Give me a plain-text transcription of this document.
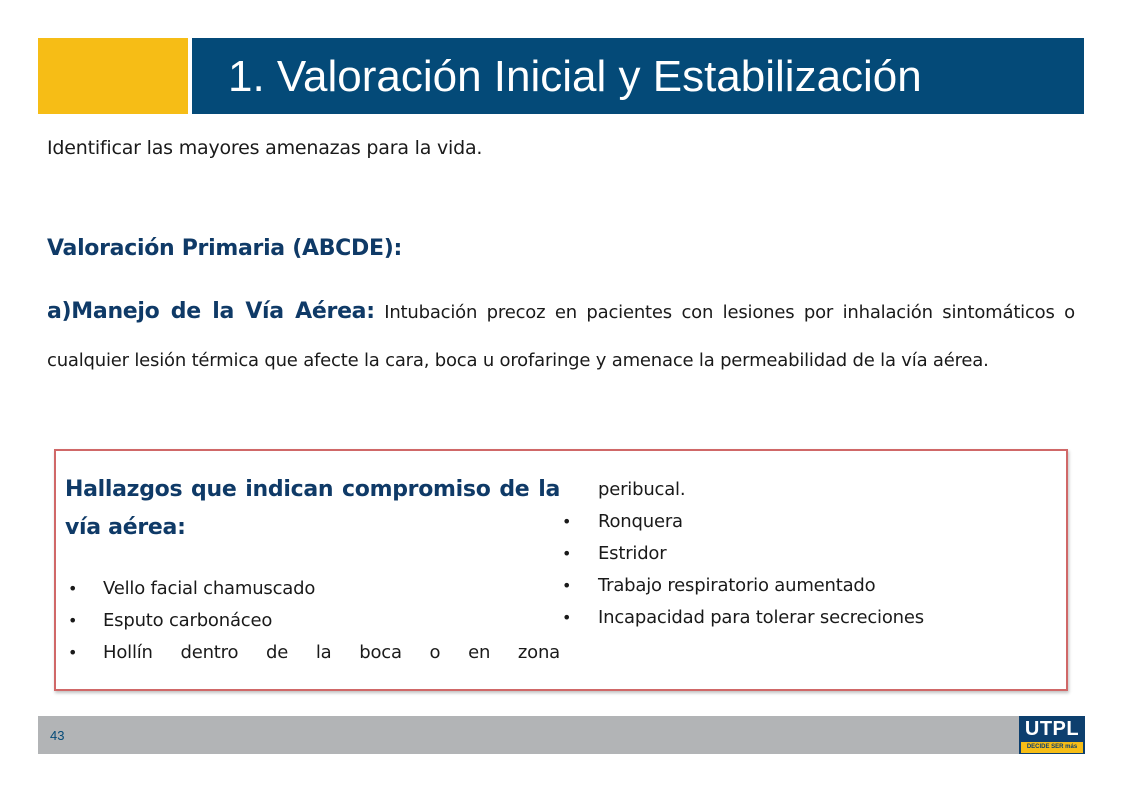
1. Valoración Inicial y Estabilización
Identificar las mayores amenazas para la vida.
Valoración Primaria (ABCDE):
a)Manejo de la Vía Aérea: Intubación precoz en pacientes con lesiones por inhalación sintomáticos o cualquier lesión térmica que afecte la cara, boca u orofaringe y amenace la permeabilidad de la vía aérea.
Hallazgos que indican compromiso de la vía aérea:
• Vello facial chamuscado
• Esputo carbonáceo
• Hollín dentro de la boca o en zona
peribucal.
• Ronquera
• Estridor
• Trabajo respiratorio aumentado
• Incapacidad para tolerar secreciones
43	UTPL
DECIDE SER más
